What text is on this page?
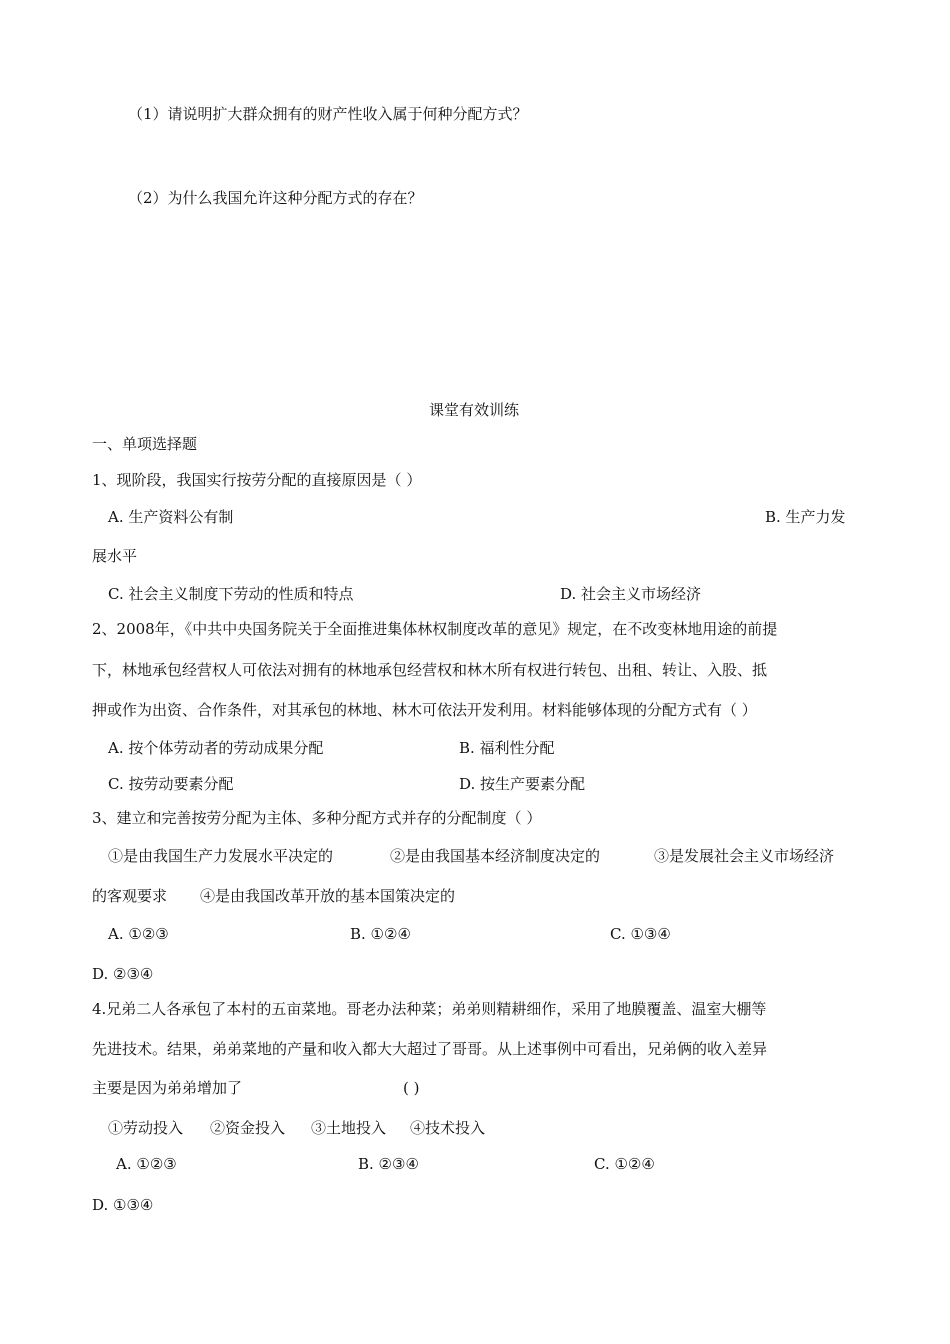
（1）请说明扩大群众拥有的财产性收入属于何种分配方式？
（2）为什么我国允许这种分配方式的存在？
课堂有效训练
一、单项选择题
1、现阶段，我国实行按劳分配的直接原因是（ ）
A. 生产资料公有制	B. 生产力发
展水平
C. 社会主义制度下劳动的性质和特点	D. 社会主义市场经济
2、2008年，《中共中央国务院关于全面推进集体林权制度改革的意见》规定，在不改变林地用途的前提
下，林地承包经营权人可依法对拥有的林地承包经营权和林木所有权进行转包、出租、转让、入股、抵
押或作为出资、合作条件，对其承包的林地、林木可依法开发利用。材料能够体现的分配方式有（ ）
A. 按个体劳动者的劳动成果分配	B. 福利性分配
C. 按劳动要素分配	D. 按生产要素分配
3、建立和完善按劳分配为主体、多种分配方式并存的分配制度（ ）
①是由我国生产力发展水平决定的	②是由我国基本经济制度决定的	③是发展社会主义市场经济
的客观要求 ④是由我国改革开放的基本国策决定的
A. ①②③	B. ①②④	C. ①③④
D. ②③④
4.兄弟二人各承包了本村的五亩菜地。哥老办法种菜；弟弟则精耕细作，采用了地膜覆盖、温室大棚等
先进技术。结果，弟弟菜地的产量和收入都大大超过了哥哥。从上述事例中可看出，兄弟俩的收入差异
主要是因为弟弟增加了	( )
①劳动投入 ②资金投入 ③土地投入 ④技术投入
A. ①②③	B. ②③④	C. ①②④
D. ①③④
